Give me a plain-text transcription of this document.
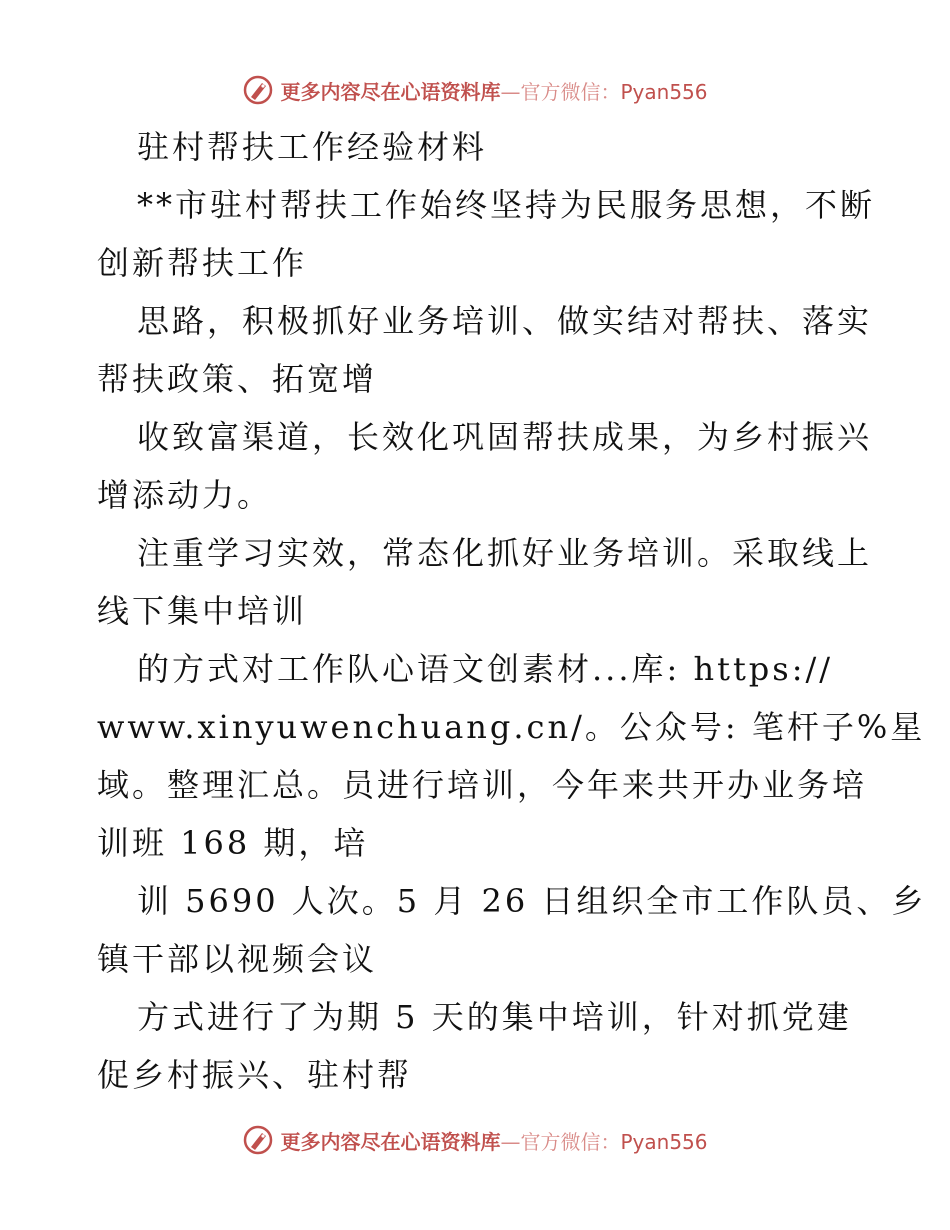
更多内容尽在心语资料库—官方微信：Pyan556
驻村帮扶工作经验材料
**市驻村帮扶工作始终坚持为民服务思想，不断
创新帮扶工作
思路，积极抓好业务培训、做实结对帮扶、落实
帮扶政策、拓宽增
收致富渠道，长效化巩固帮扶成果，为乡村振兴
增添动力。
注重学习实效，常态化抓好业务培训。采取线上
线下集中培训
的方式对工作队心语文创素材...库: https://
www.xinyuwenchuang.cn/。公众号: 笔杆子%星
域。整理汇总。员进行培训，今年来共开办业务培
训班 168 期，培
训 5690 人次。5 月 26 日组织全市工作队员、乡
镇干部以视频会议
方式进行了为期 5 天的集中培训，针对抓党建
促乡村振兴、驻村帮
更多内容尽在心语资料库—官方微信：Pyan556
